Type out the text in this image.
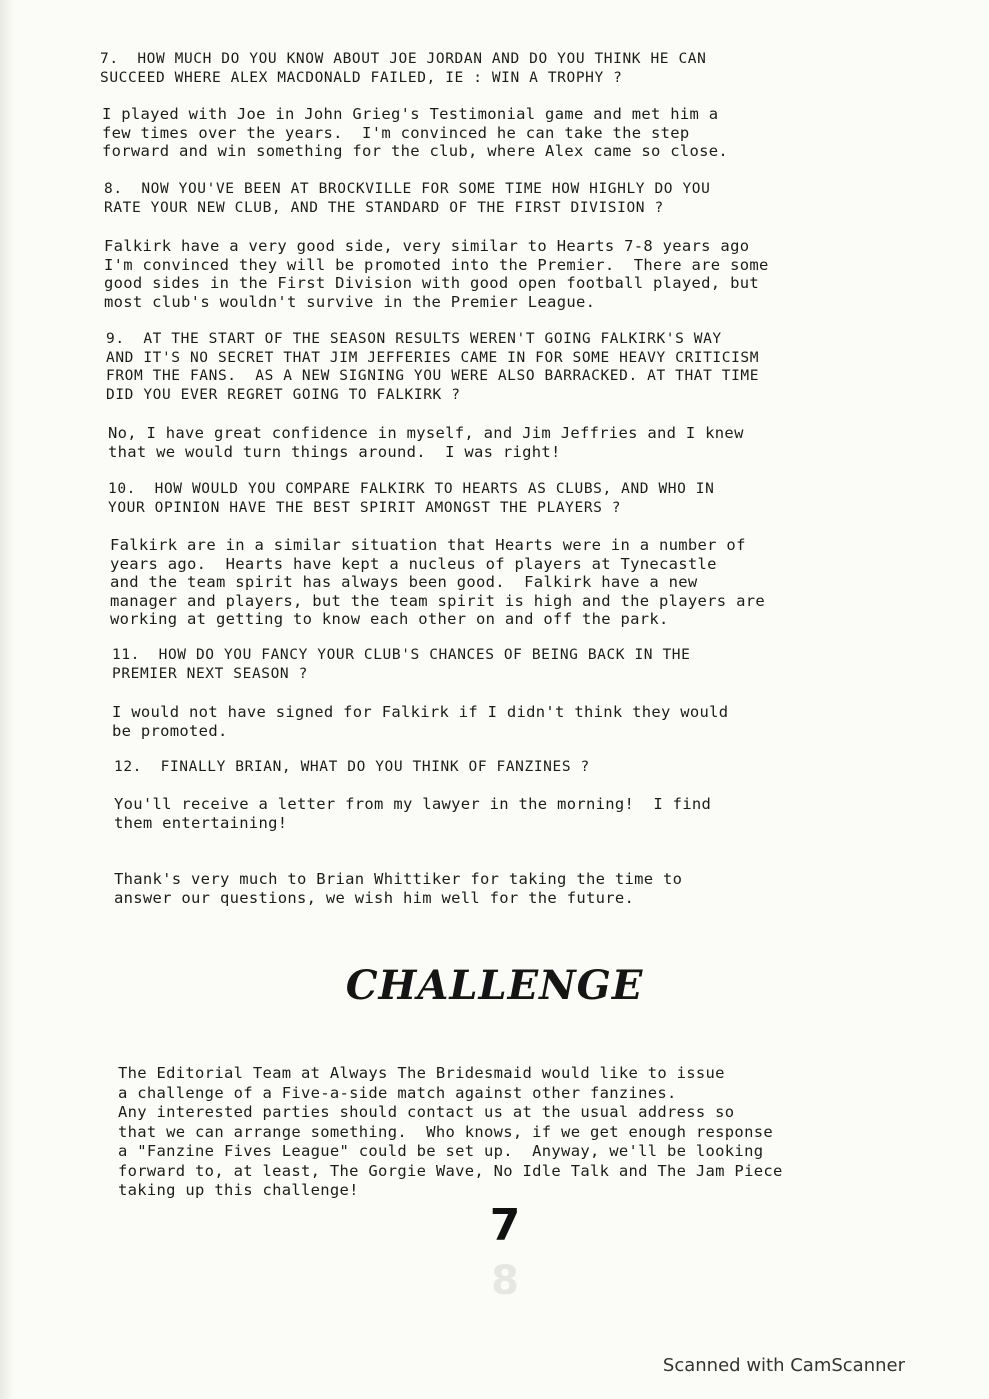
7.  HOW MUCH DO YOU KNOW ABOUT JOE JORDAN AND DO YOU THINK HE CAN
SUCCEED WHERE ALEX MACDONALD FAILED, IE : WIN A TROPHY ?

I played with Joe in John Grieg's Testimonial game and met him a
few times over the years.  I'm convinced he can take the step
forward and win something for the club, where Alex came so close.

8.  NOW YOU'VE BEEN AT BROCKVILLE FOR SOME TIME HOW HIGHLY DO YOU
RATE YOUR NEW CLUB, AND THE STANDARD OF THE FIRST DIVISION ?

Falkirk have a very good side, very similar to Hearts 7-8 years ago
I'm convinced they will be promoted into the Premier.  There are some
good sides in the First Division with good open football played, but
most club's wouldn't survive in the Premier League.

9.  AT THE START OF THE SEASON RESULTS WEREN'T GOING FALKIRK'S WAY
AND IT'S NO SECRET THAT JIM JEFFERIES CAME IN FOR SOME HEAVY CRITICISM
FROM THE FANS.  AS A NEW SIGNING YOU WERE ALSO BARRACKED. AT THAT TIME
DID YOU EVER REGRET GOING TO FALKIRK ?

No, I have great confidence in myself, and Jim Jeffries and I knew
that we would turn things around.  I was right!

10.  HOW WOULD YOU COMPARE FALKIRK TO HEARTS AS CLUBS, AND WHO IN
YOUR OPINION HAVE THE BEST SPIRIT AMONGST THE PLAYERS ?

Falkirk are in a similar situation that Hearts were in a number of
years ago.  Hearts have kept a nucleus of players at Tynecastle
and the team spirit has always been good.  Falkirk have a new
manager and players, but the team spirit is high and the players are
working at getting to know each other on and off the park.

11.  HOW DO YOU FANCY YOUR CLUB'S CHANCES OF BEING BACK IN THE
PREMIER NEXT SEASON ?

I would not have signed for Falkirk if I didn't think they would
be promoted.

12.  FINALLY BRIAN, WHAT DO YOU THINK OF FANZINES ?

You'll receive a letter from my lawyer in the morning!  I find
them entertaining!

Thank's very much to Brian Whittiker for taking the time to
answer our questions, we wish him well for the future.

CHALLENGE

The Editorial Team at Always The Bridesmaid would like to issue
a challenge of a Five-a-side match against other fanzines.
Any interested parties should contact us at the usual address so
that we can arrange something.  Who knows, if we get enough response
a "Fanzine Fives League" could be set up.  Anyway, we'll be looking
forward to, at least, The Gorgie Wave, No Idle Talk and The Jam Piece
taking up this challenge!

7
8
Scanned with CamScanner
